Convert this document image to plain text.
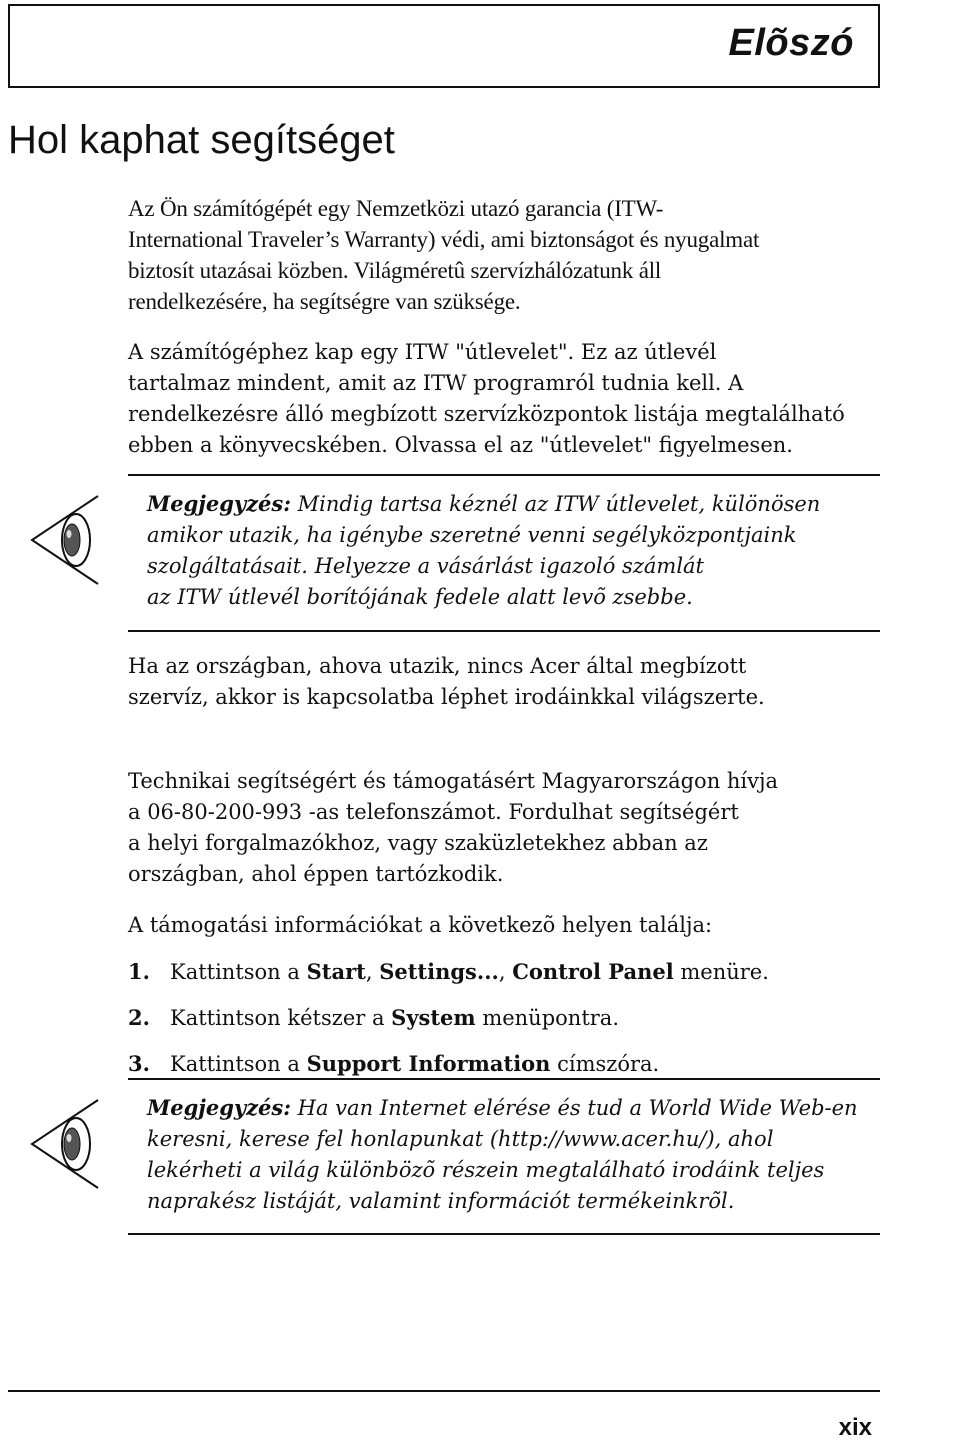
Elõszó
Hol kaphat segítséget
Az Ön számítógépét egy Nemzetközi utazó garancia (ITW-
International Traveler’s Warranty) védi, ami biztonságot és nyugalmat
biztosít utazásai közben. Világméretû szervízhálózatunk áll
rendelkezésére, ha segítségre van szüksége.
A számítógéphez kap egy ITW "útlevelet". Ez az útlevél
tartalmaz mindent, amit az ITW programról tudnia kell. A
rendelkezésre álló megbízott szervízközpontok listája megtalálható
ebben a könyvecskében. Olvassa el az "útlevelet" figyelmesen.
Megjegyzés: Mindig tartsa kéznél az ITW útlevelet, különösen
amikor utazik, ha igénybe szeretné venni segélyközpontjaink
szolgáltatásait. Helyezze a vásárlást igazoló számlát
az ITW útlevél borítójának fedele alatt levõ zsebbe.
Ha az országban, ahova utazik, nincs Acer által megbízott
szervíz, akkor is kapcsolatba léphet irodáinkkal világszerte.
Technikai segítségért és támogatásért Magyarországon hívja
a 06-80-200-993 -as telefonszámot. Fordulhat segítségért
a helyi forgalmazókhoz, vagy szaküzletekhez abban az
országban, ahol éppen tartózkodik.
A támogatási információkat a következõ helyen találja:
1. Kattintson a Start, Settings..., Control Panel menüre.
2. Kattintson kétszer a System menüpontra.
3. Kattintson a Support Information címszóra.
Megjegyzés: Ha van Internet elérése és tud a World Wide Web-en
keresni, kerese fel honlapunkat (http://www.acer.hu/), ahol
lekérheti a világ különbözõ részein megtalálható irodáink teljes
naprakész listáját, valamint információt termékeinkrõl.
xix
